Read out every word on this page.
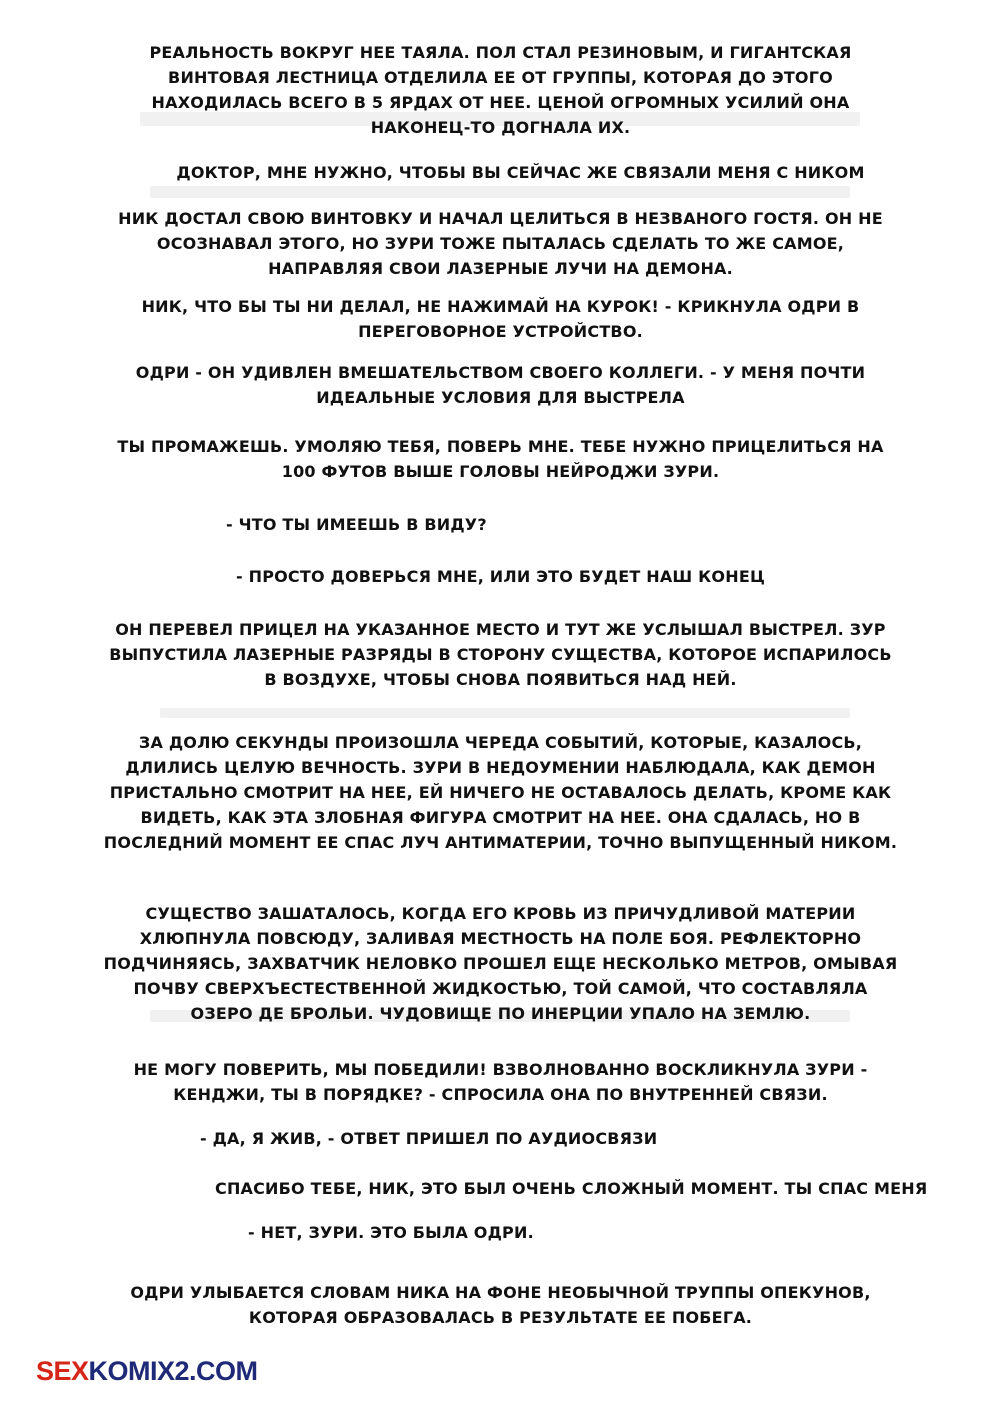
РЕАЛЬНОСТЬ ВОКРУГ НЕЕ ТАЯЛА. ПОЛ СТАЛ РЕЗИНОВЫМ, И ГИГАНТСКАЯ
ВИНТОВАЯ ЛЕСТНИЦА ОТДЕЛИЛА ЕЕ ОТ ГРУППЫ, КОТОРАЯ ДО ЭТОГО
НАХОДИЛАСЬ ВСЕГО В 5 ЯРДАХ ОТ НЕЕ. ЦЕНОЙ ОГРОМНЫХ УСИЛИЙ ОНА
НАКОНЕЦ-ТО ДОГНАЛА ИХ.
ДОКТОР, МНЕ НУЖНО, ЧТОБЫ ВЫ СЕЙЧАС ЖЕ СВЯЗАЛИ МЕНЯ С НИКОМ
НИК ДОСТАЛ СВОЮ ВИНТОВКУ И НАЧАЛ ЦЕЛИТЬСЯ В НЕЗВАНОГО ГОСТЯ. ОН НЕ
ОСОЗНАВАЛ ЭТОГО, НО ЗУРИ ТОЖЕ ПЫТАЛАСЬ СДЕЛАТЬ ТО ЖЕ САМОЕ,
НАПРАВЛЯЯ СВОИ ЛАЗЕРНЫЕ ЛУЧИ НА ДЕМОНА.
НИК, ЧТО БЫ ТЫ НИ ДЕЛАЛ, НЕ НАЖИМАЙ НА КУРОК! - КРИКНУЛА ОДРИ В
ПЕРЕГОВОРНОЕ УСТРОЙСТВО.
ОДРИ - ОН УДИВЛЕН ВМЕШАТЕЛЬСТВОМ СВОЕГО КОЛЛЕГИ. - У МЕНЯ ПОЧТИ
ИДЕАЛЬНЫЕ УСЛОВИЯ ДЛЯ ВЫСТРЕЛА
ТЫ ПРОМАЖЕШЬ. УМОЛЯЮ ТЕБЯ, ПОВЕРЬ МНЕ. ТЕБЕ НУЖНО ПРИЦЕЛИТЬСЯ НА
100 ФУТОВ ВЫШЕ ГОЛОВЫ НЕЙРОДЖИ ЗУРИ.
- ЧТО ТЫ ИМЕЕШЬ В ВИДУ?
- ПРОСТО ДОВЕРЬСЯ МНЕ, ИЛИ ЭТО БУДЕТ НАШ КОНЕЦ
ОН ПЕРЕВЕЛ ПРИЦЕЛ НА УКАЗАННОЕ МЕСТО И ТУТ ЖЕ УСЛЫШАЛ ВЫСТРЕЛ. ЗУР
ВЫПУСТИЛА ЛАЗЕРНЫЕ РАЗРЯДЫ В СТОРОНУ СУЩЕСТВА, КОТОРОЕ ИСПАРИЛОСЬ
В ВОЗДУХЕ, ЧТОБЫ СНОВА ПОЯВИТЬСЯ НАД НЕЙ.
ЗА ДОЛЮ СЕКУНДЫ ПРОИЗОШЛА ЧЕРЕДА СОБЫТИЙ, КОТОРЫЕ, КАЗАЛОСЬ,
ДЛИЛИСЬ ЦЕЛУЮ ВЕЧНОСТЬ. ЗУРИ В НЕДОУМЕНИИ НАБЛЮДАЛА, КАК ДЕМОН
ПРИСТАЛЬНО СМОТРИТ НА НЕЕ, ЕЙ НИЧЕГО НЕ ОСТАВАЛОСЬ ДЕЛАТЬ, КРОМЕ КАК
ВИДЕТЬ, КАК ЭТА ЗЛОБНАЯ ФИГУРА СМОТРИТ НА НЕЕ. ОНА СДАЛАСЬ, НО В
ПОСЛЕДНИЙ МОМЕНТ ЕЕ СПАС ЛУЧ АНТИМАТЕРИИ, ТОЧНО ВЫПУЩЕННЫЙ НИКОМ.
СУЩЕСТВО ЗАШАТАЛОСЬ, КОГДА ЕГО КРОВЬ ИЗ ПРИЧУДЛИВОЙ МАТЕРИИ
ХЛЮПНУЛА ПОВСЮДУ, ЗАЛИВАЯ МЕСТНОСТЬ НА ПОЛЕ БОЯ. РЕФЛЕКТОРНО
ПОДЧИНЯЯСЬ, ЗАХВАТЧИК НЕЛОВКО ПРОШЕЛ ЕЩЕ НЕСКОЛЬКО МЕТРОВ, ОМЫВАЯ
ПОЧВУ СВЕРХЪЕСТЕСТВЕННОЙ ЖИДКОСТЬЮ, ТОЙ САМОЙ, ЧТО СОСТАВЛЯЛА
ОЗЕРО ДЕ БРОЛЬИ. ЧУДОВИЩЕ ПО ИНЕРЦИИ УПАЛО НА ЗЕМЛЮ.
НЕ МОГУ ПОВЕРИТЬ, МЫ ПОБЕДИЛИ! ВЗВОЛНОВАННО ВОСКЛИКНУЛА ЗУРИ -
КЕНДЖИ, ТЫ В ПОРЯДКЕ? - СПРОСИЛА ОНА ПО ВНУТРЕННЕЙ СВЯЗИ.
- ДА, Я ЖИВ, - ОТВЕТ ПРИШЕЛ ПО АУДИОСВЯЗИ
СПАСИБО ТЕБЕ, НИК, ЭТО БЫЛ ОЧЕНЬ СЛОЖНЫЙ МОМЕНТ. ТЫ СПАС МЕНЯ
- НЕТ, ЗУРИ. ЭТО БЫЛА ОДРИ.
ОДРИ УЛЫБАЕТСЯ СЛОВАМ НИКА НА ФОНЕ НЕОБЫЧНОЙ ТРУППЫ ОПЕКУНОВ,
КОТОРАЯ ОБРАЗОВАЛАСЬ В РЕЗУЛЬТАТЕ ЕЕ ПОБЕГА.
SEXKOMIX2.COM
